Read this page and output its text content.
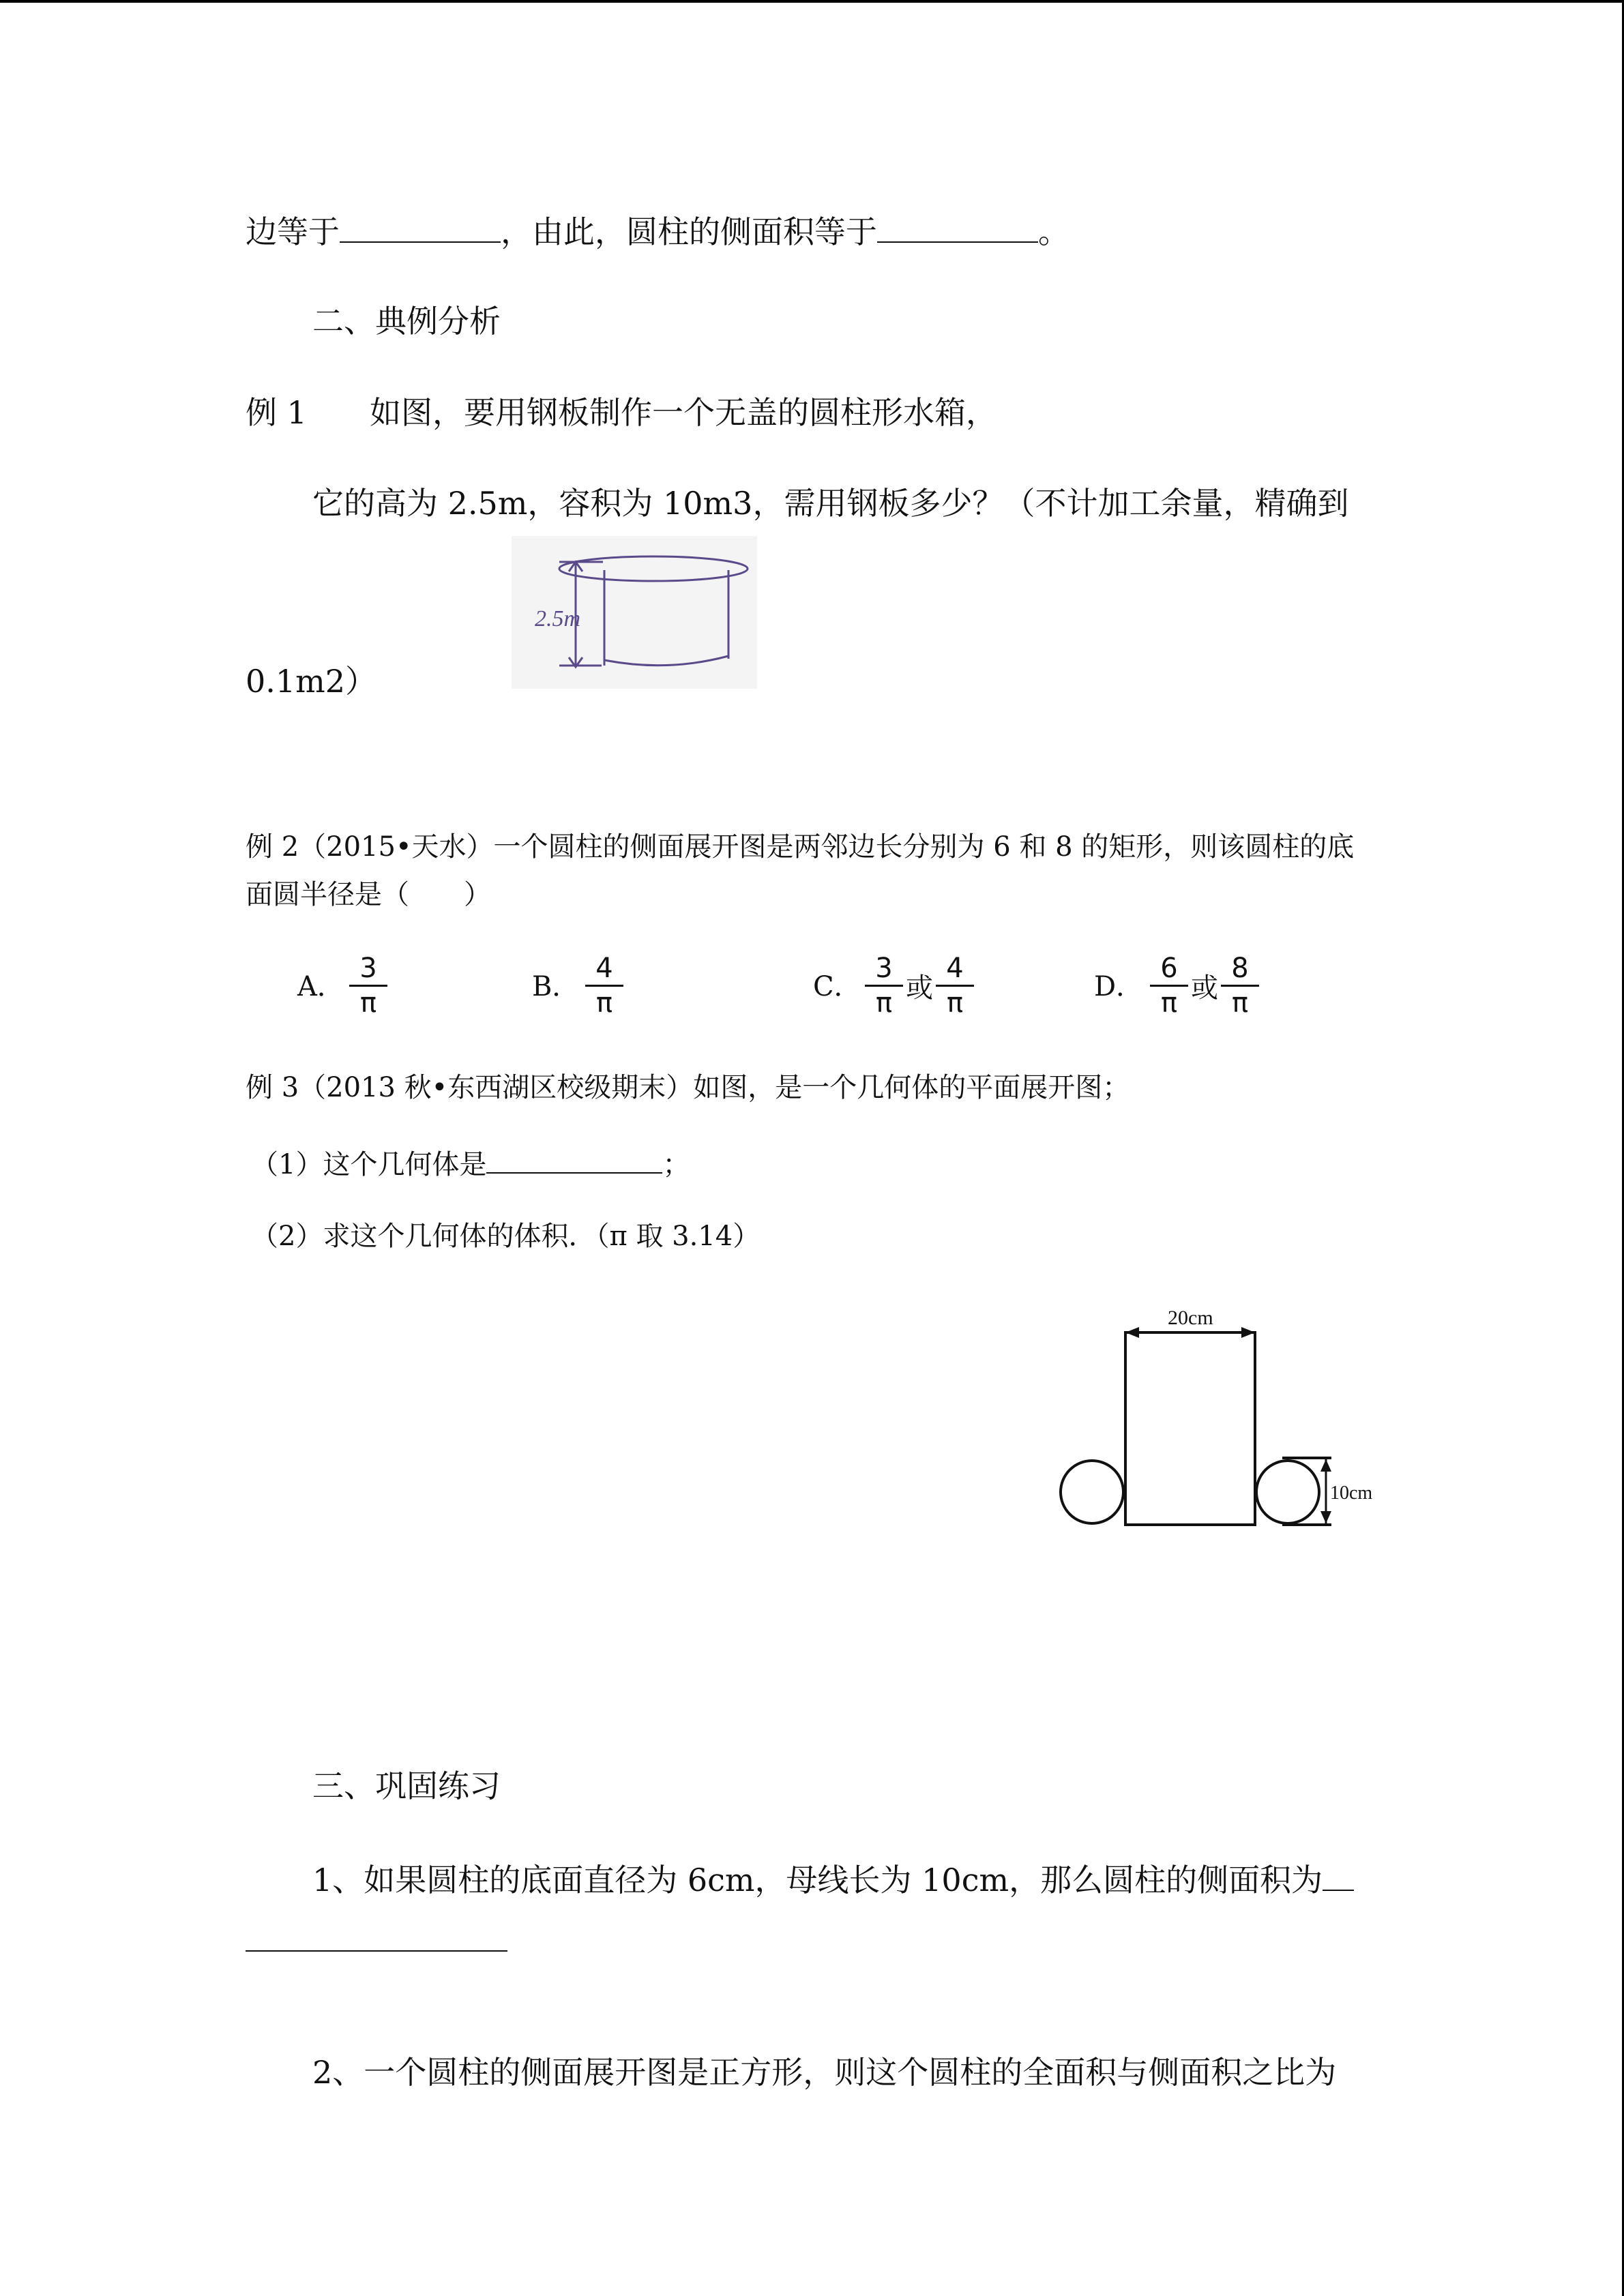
边等于	，由此，圆柱的侧面积等于	。
二、典例分析
例 1 如图，要用钢板制作一个无盖的圆柱形水箱，
它的高为 2.5m，容积为 10m3，需用钢板多少？（不计加工余量，精确到
0.1m2）
2.5m
例 2（2015•天水）一个圆柱的侧面展开图是两邻边长分别为 6 和 8 的矩形，则该圆柱的底
面圆半径是（　　）
A．
3
π
B．
4
π
C． $\frac{3}{\pi}$ 或 $\frac{4}{\pi}$	D． $\frac{6}{\pi}$ 或 $\frac{8}{\pi}$
例 3（2013 秋•东西湖区校级期末）如图，是一个几何体的平面展开图；
（1）这个几何体是	；
（2）求这个几何体的体积．（π 取 3.14）
20cm
10cm
三、巩固练习
1、如果圆柱的底面直径为 6cm，母线长为 10cm，那么圆柱的侧面积为
2、一个圆柱的侧面展开图是正方形，则这个圆柱的全面积与侧面积之比为
